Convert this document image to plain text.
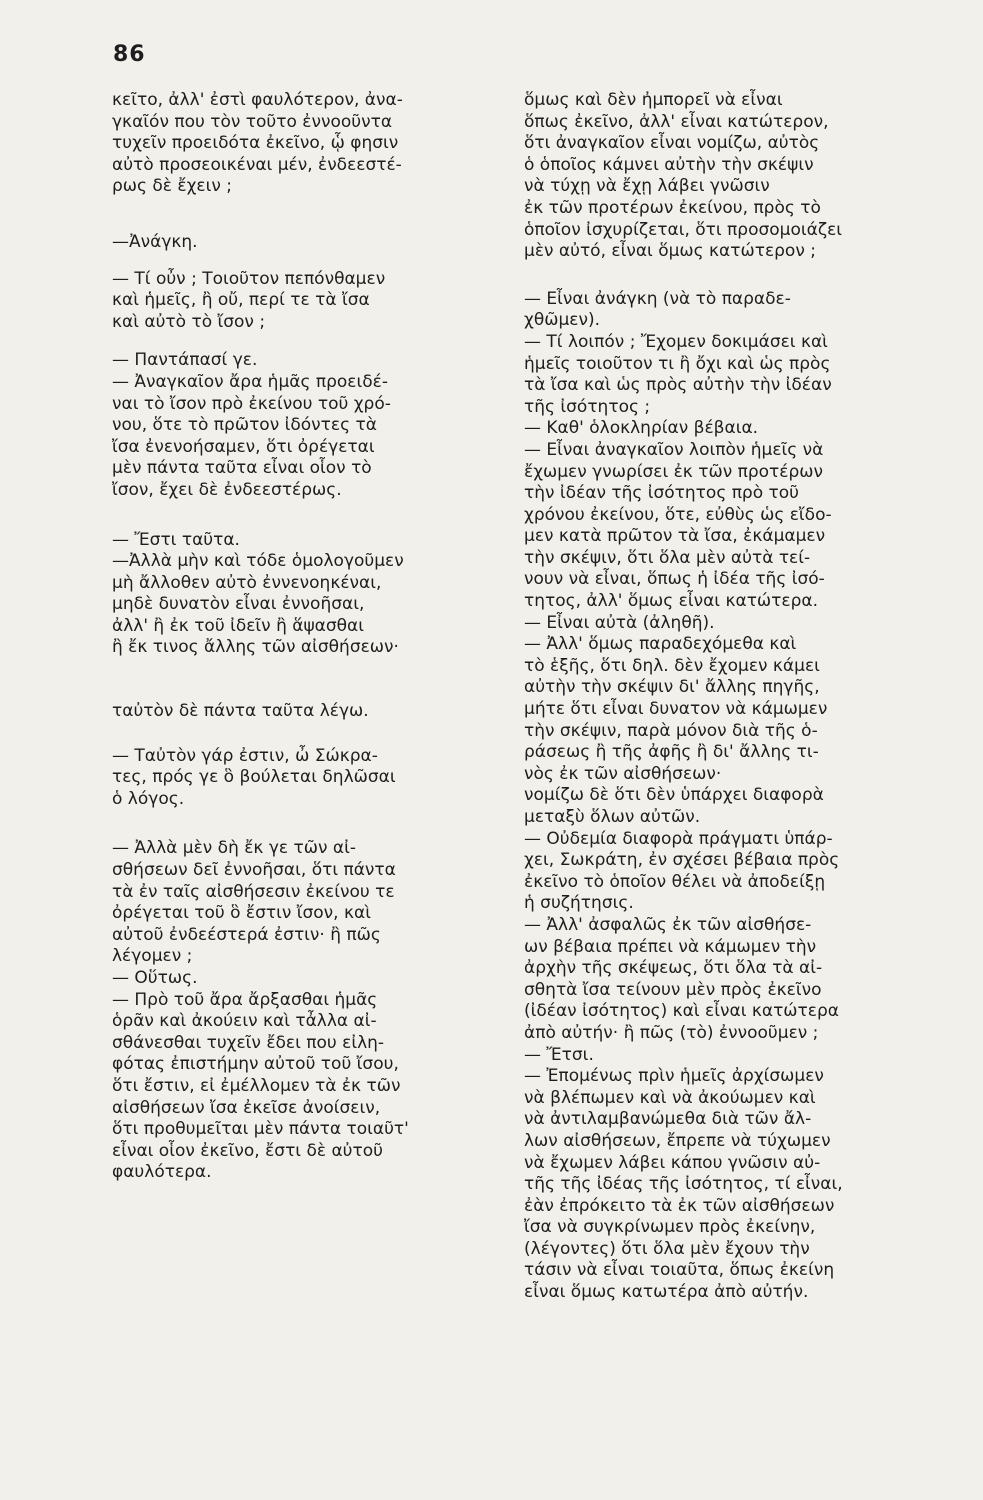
86

κεῖτο, ἀλλ' ἐστὶ φαυλότερον, ἀνα-
γκαῖόν που τὸν τοῦτο ἐννοοῦντα
τυχεῖν προειδότα ἐκεῖνο, ᾧ φησιν
αὐτὸ προσεοικέναι μέν, ἐνδεεστέ-
ρως δὲ ἔχειν ;

—Ἀνάγκη.

— Τί οὖν ; Τοιοῦτον πεπόνθαμεν
καὶ ἡμεῖς, ἢ οὔ, περί τε τὰ ἴσα
καὶ αὐτὸ τὸ ἴσον ;

— Παντάπασί γε.
— Ἀναγκαῖον ἄρα ἡμᾶς προειδέ-
ναι τὸ ἴσον πρὸ ἐκείνου τοῦ χρό-
νου, ὅτε τὸ πρῶτον ἰδόντες τὰ
ἴσα ἐνενοήσαμεν, ὅτι ὀρέγεται
μὲν πάντα ταῦτα εἶναι οἷον τὸ
ἴσον, ἔχει δὲ ἐνδεεστέρως.

— Ἔστι ταῦτα.
—Ἀλλὰ μὴν καὶ τόδε ὁμολογοῦμεν
μὴ ἄλλοθεν αὐτὸ ἐννενοηκέναι,
μηδὲ δυνατὸν εἶναι ἐννοῆσαι,
ἀλλ' ἢ ἐκ τοῦ ἰδεῖν ἢ ἅψασθαι
ἢ ἔκ τινος ἄλλης τῶν αἰσθήσεων·

ταὐτὸν δὲ πάντα ταῦτα λέγω.

— Ταὐτὸν γάρ ἐστιν, ὦ Σώκρα-
τες, πρός γε ὃ βούλεται δηλῶσαι
ὁ λόγος.

— Ἀλλὰ μὲν δὴ ἔκ γε τῶν αἰ-
σθήσεων δεῖ ἐννοῆσαι, ὅτι πάντα
τὰ ἐν ταῖς αἰσθήσεσιν ἐκείνου τε
ὀρέγεται τοῦ ὃ ἔστιν ἴσον, καὶ
αὐτοῦ ἐνδεέστερά ἐστιν· ἢ πῶς
λέγομεν ;
— Οὕτως.
— Πρὸ τοῦ ἄρα ἄρξασθαι ἡμᾶς
ὁρᾶν καὶ ἀκούειν καὶ τἆλλα αἰ-
σθάνεσθαι τυχεῖν ἔδει που εἰλη-
φότας ἐπιστήμην αὐτοῦ τοῦ ἴσου,
ὅτι ἔστιν, εἰ ἐμέλλομεν τὰ ἐκ τῶν
αἰσθήσεων ἴσα ἐκεῖσε ἀνοίσειν,
ὅτι προθυμεῖται μὲν πάντα τοιαῦτ'
εἶναι οἷον ἐκεῖνο, ἔστι δὲ αὐτοῦ
φαυλότερα.

ὅμως καὶ δὲν ἠμπορεῖ νὰ εἶναι
ὅπως ἐκεῖνο, ἀλλ' εἶναι κατώτερον,
ὅτι ἀναγκαῖον εἶναι νομίζω, αὐτὸς
ὁ ὁποῖος κάμνει αὐτὴν τὴν σκέψιν
νὰ τύχῃ νὰ ἔχῃ λάβει γνῶσιν
ἐκ τῶν προτέρων ἐκείνου, πρὸς τὸ
ὁποῖον ἰσχυρίζεται, ὅτι προσομοιάζει
μὲν αὐτό, εἶναι ὅμως κατώτερον ;

— Εἶναι ἀνάγκη (νὰ τὸ παραδε-
χθῶμεν).
— Τί λοιπόν ; Ἔχομεν δοκιμάσει καὶ
ἡμεῖς τοιοῦτον τι ἢ ὄχι καὶ ὡς πρὸς
τὰ ἴσα καὶ ὡς πρὸς αὐτὴν τὴν ἰδέαν
τῆς ἰσότητος ;
— Καθ' ὁλοκληρίαν βέβαια.
— Εἶναι ἀναγκαῖον λοιπὸν ἡμεῖς νὰ
ἔχωμεν γνωρίσει ἐκ τῶν προτέρων
τὴν ἰδέαν τῆς ἰσότητος πρὸ τοῦ
χρόνου ἐκείνου, ὅτε, εὐθὺς ὡς εἴδο-
μεν κατὰ πρῶτον τὰ ἴσα, ἐκάμαμεν
τὴν σκέψιν, ὅτι ὅλα μὲν αὐτὰ τεί-
νουν νὰ εἶναι, ὅπως ἡ ἰδέα τῆς ἰσό-
τητος, ἀλλ' ὅμως εἶναι κατώτερα.
— Εἶναι αὐτὰ (ἀληθῆ).
— Ἀλλ' ὅμως παραδεχόμεθα καὶ
τὸ ἑξῆς, ὅτι δηλ. δὲν ἔχομεν κάμει
αὐτὴν τὴν σκέψιν δι' ἄλλης πηγῆς,
μήτε ὅτι εἶναι δυνατον νὰ κάμωμεν
τὴν σκέψιν, παρὰ μόνον διὰ τῆς ὁ-
ράσεως ἢ τῆς ἀφῆς ἢ δι' ἄλλης τι-
νὸς ἐκ τῶν αἰσθήσεων·
νομίζω δὲ ὅτι δὲν ὑπάρχει διαφορὰ
μεταξὺ ὅλων αὐτῶν.
— Οὐδεμία διαφορὰ πράγματι ὑπάρ-
χει, Σωκράτη, ἐν σχέσει βέβαια πρὸς
ἐκεῖνο τὸ ὁποῖον θέλει νὰ ἀποδείξῃ
ἡ συζήτησις.
— Ἀλλ' ἀσφαλῶς ἐκ τῶν αἰσθήσε-
ων βέβαια πρέπει νὰ κάμωμεν τὴν
ἀρχὴν τῆς σκέψεως, ὅτι ὅλα τὰ αἰ-
σθητὰ ἴσα τείνουν μὲν πρὸς ἐκεῖνο
(ἰδέαν ἰσότητος) καὶ εἶναι κατώτερα
ἀπὸ αὐτήν· ἢ πῶς (τὸ) ἐννοοῦμεν ;
— Ἔτσι.
— Ἐπομένως πρὶν ἡμεῖς ἀρχίσωμεν
νὰ βλέπωμεν καὶ νὰ ἀκούωμεν καὶ
νὰ ἀντιλαμβανώμεθα διὰ τῶν ἄλ-
λων αἰσθήσεων, ἔπρεπε νὰ τύχωμεν
νὰ ἔχωμεν λάβει κάπου γνῶσιν αὐ-
τῆς τῆς ἰδέας τῆς ἰσότητος, τί εἶναι,
ἐὰν ἐπρόκειτο τὰ ἐκ τῶν αἰσθήσεων
ἴσα νὰ συγκρίνωμεν πρὸς ἐκείνην,
(λέγοντες) ὅτι ὅλα μὲν ἔχουν τὴν
τάσιν νὰ εἶναι τοιαῦτα, ὅπως ἐκείνη
εἶναι ὅμως κατωτέρα ἀπὸ αὐτήν.
